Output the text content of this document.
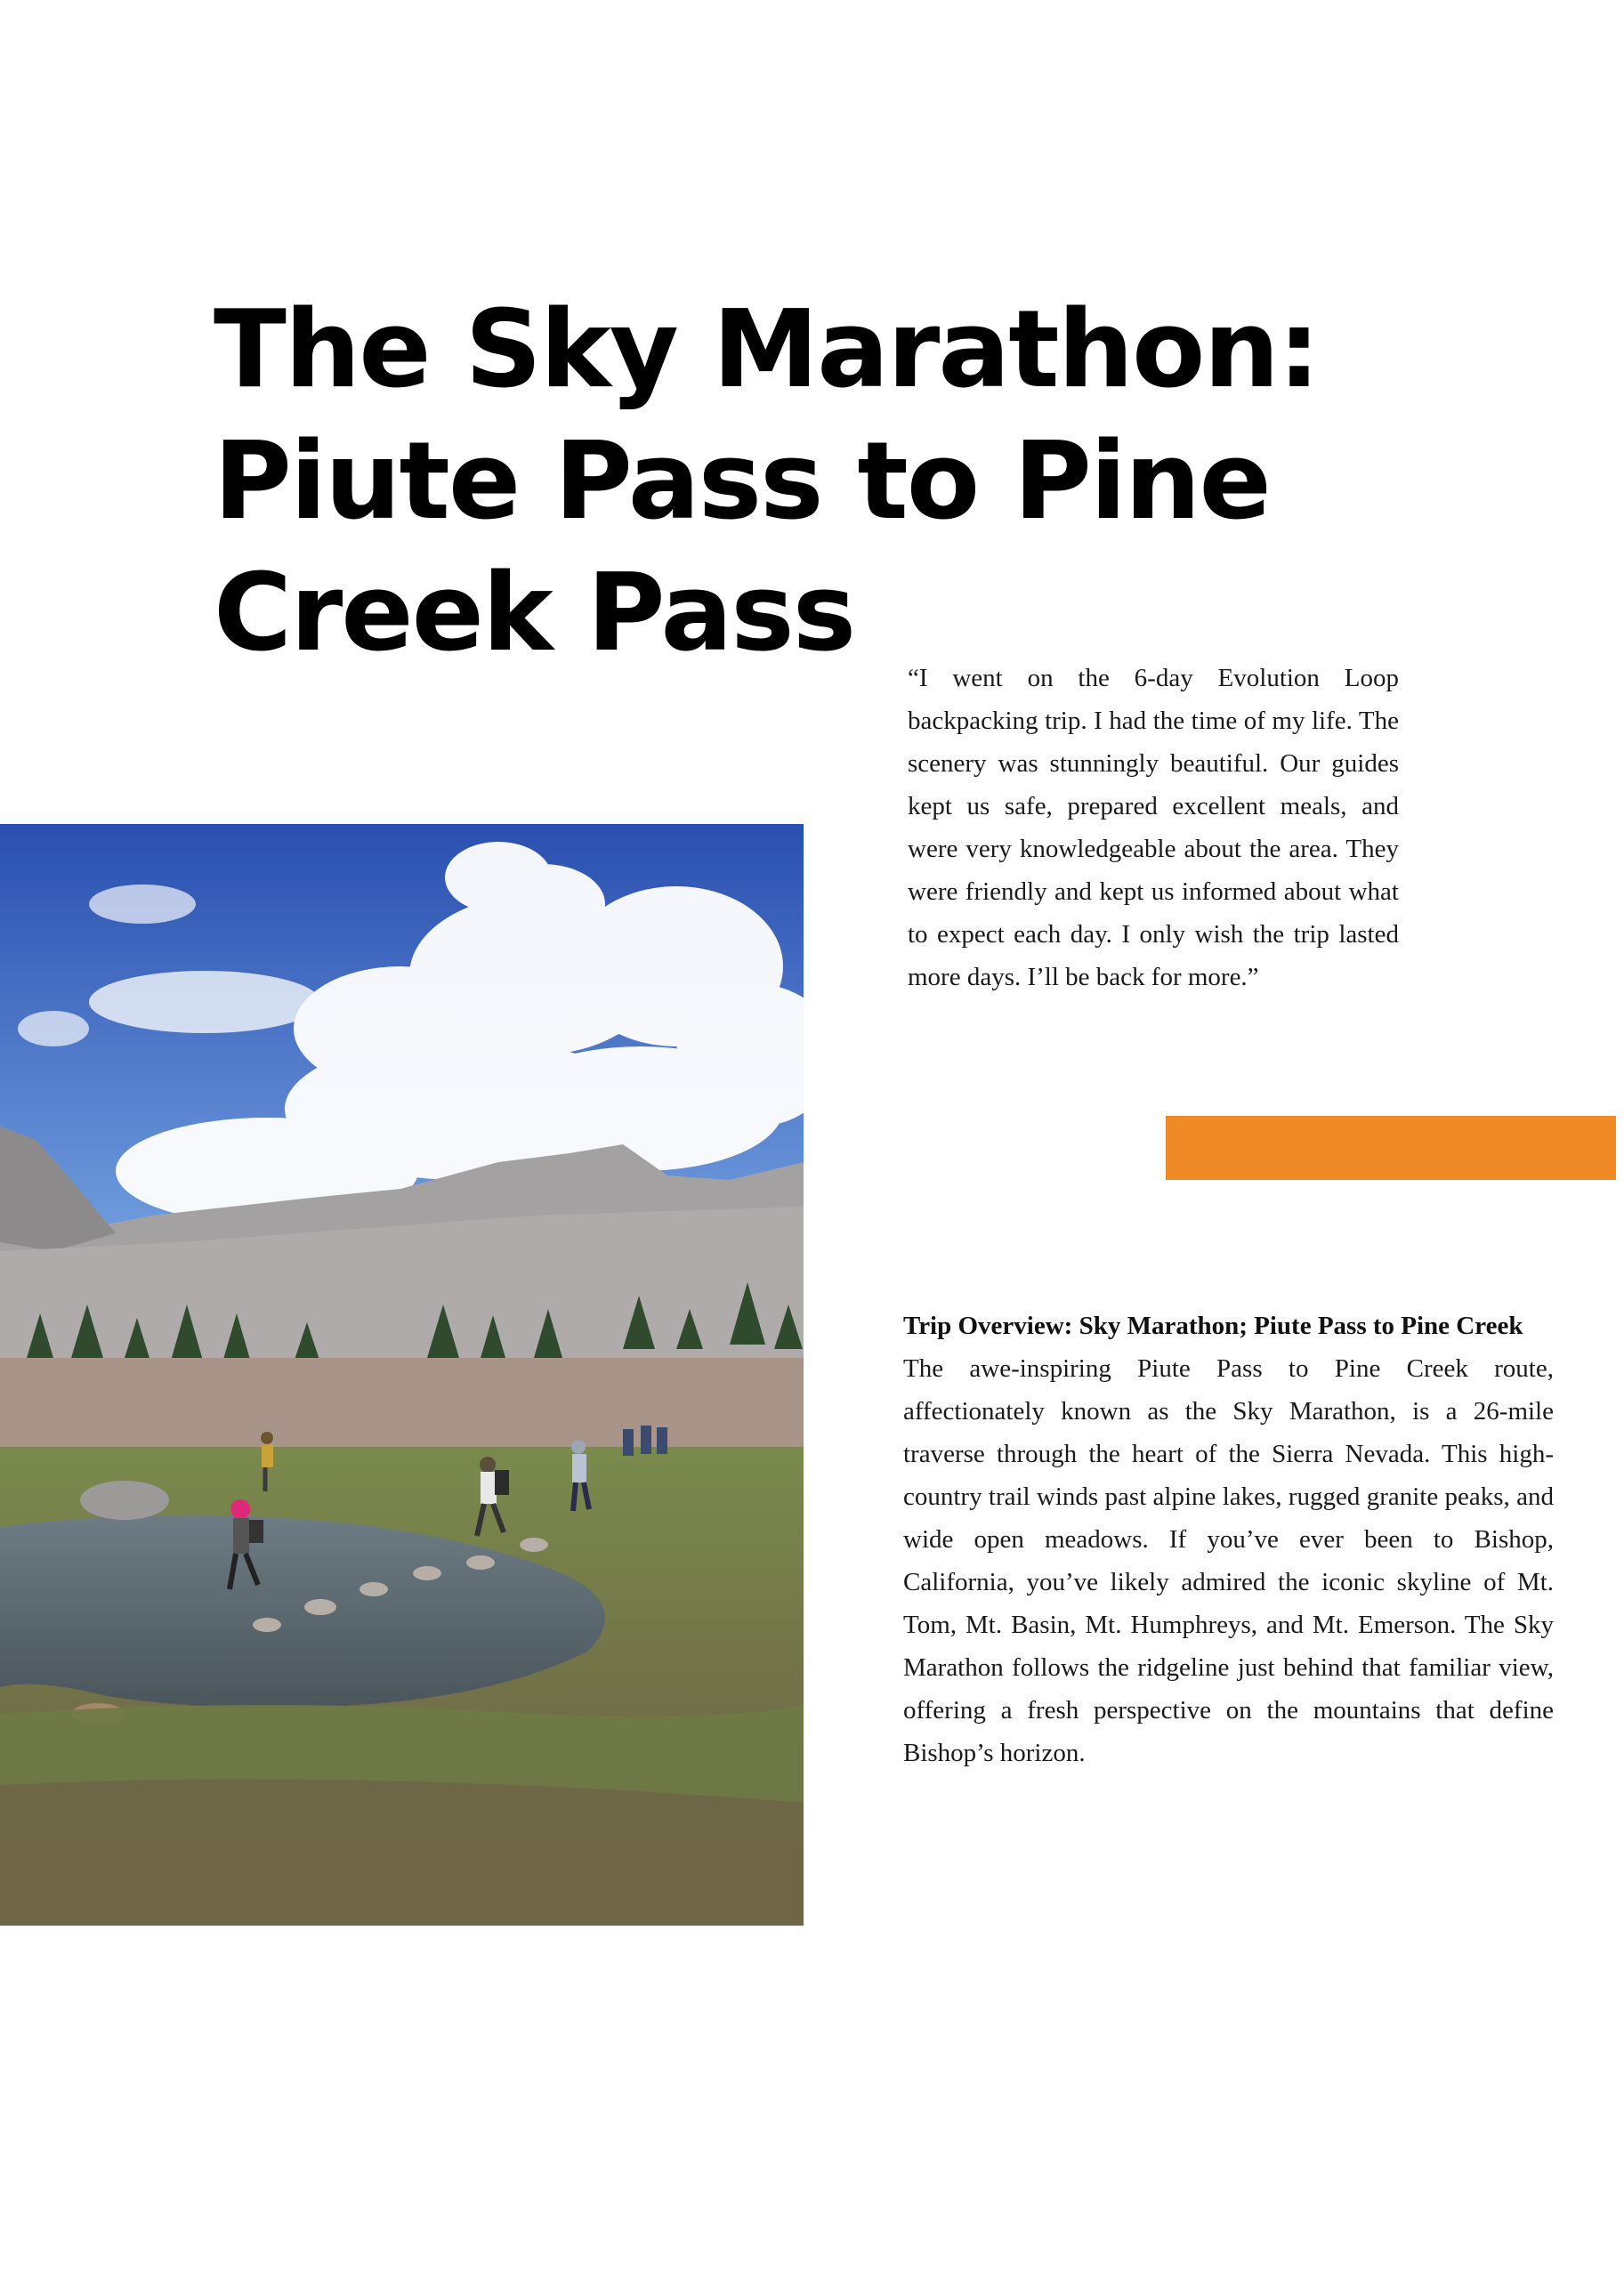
The Sky Marathon: Piute Pass to Pine Creek Pass

“I went on the 6-day Evolution Loop backpacking trip. I had the time of my life. The scenery was stunningly beautiful. Our guides kept us safe, prepared excellent meals, and were very knowledgeable about the area. They were friendly and kept us informed about what to expect each day. I only wish the trip lasted more days. I’ll be back for more.”

Trip Overview: Sky Marathon; Piute Pass to Pine Creek

The awe-inspiring Piute Pass to Pine Creek route, affectionately known as the Sky Marathon, is a 26-mile traverse through the heart of the Sierra Nevada. This high-country trail winds past alpine lakes, rugged granite peaks, and wide open meadows. If you’ve ever been to Bishop, California, you’ve likely admired the iconic skyline of Mt. Tom, Mt. Basin, Mt. Humphreys, and Mt. Emerson. The Sky Marathon follows the ridgeline just behind that familiar view, offering a fresh perspective on the mountains that define Bishop’s horizon.
